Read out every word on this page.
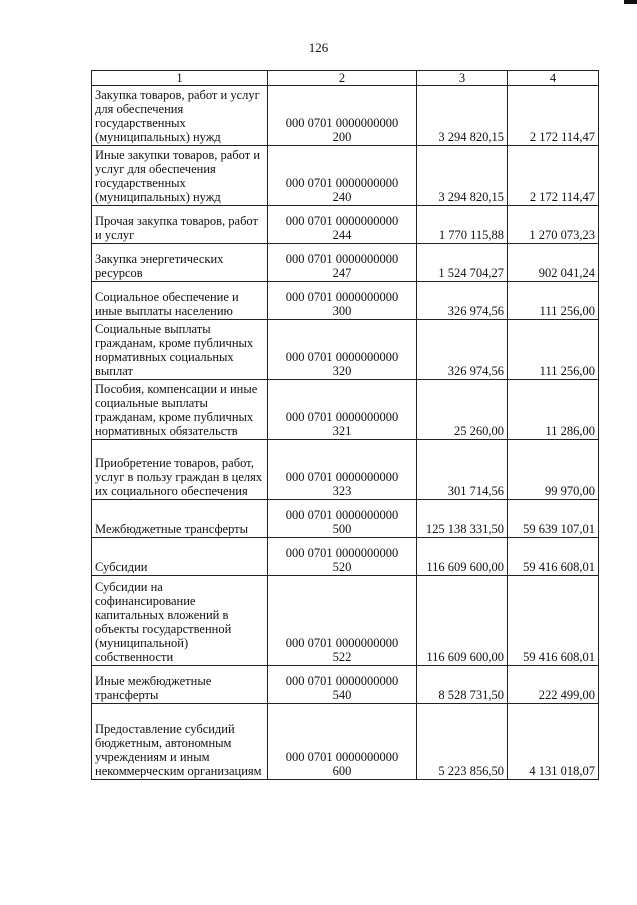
126
1	2	3	4
Закупка товаров, работ и услуг для обеспечения государственных (муниципальных) нужд	000 0701 0000000000
200	3 294 820,15	2 172 114,47
Иные закупки товаров, работ и услуг для обеспечения государственных (муниципальных) нужд	000 0701 0000000000
240	3 294 820,15	2 172 114,47
Прочая закупка товаров, работ и услуг	000 0701 0000000000
244	1 770 115,88	1 270 073,23
Закупка энергетических ресурсов	000 0701 0000000000
247	1 524 704,27	902 041,24
Социальное обеспечение и иные выплаты населению	000 0701 0000000000
300	326 974,56	111 256,00
Социальные выплаты гражданам, кроме публичных нормативных социальных выплат	000 0701 0000000000
320	326 974,56	111 256,00
Пособия, компенсации и иные социальные выплаты гражданам, кроме публичных нормативных обязательств	000 0701 0000000000
321	25 260,00	11 286,00
Приобретение товаров, работ, услуг в пользу граждан в целях их социального обеспечения	000 0701 0000000000
323	301 714,56	99 970,00
Межбюджетные трансферты	000 0701 0000000000
500	125 138 331,50	59 639 107,01
Субсидии	000 0701 0000000000
520	116 609 600,00	59 416 608,01
Субсидии на софинансирование капитальных вложений в объекты государственной (муниципальной) собственности	000 0701 0000000000
522	116 609 600,00	59 416 608,01
Иные межбюджетные трансферты	000 0701 0000000000
540	8 528 731,50	222 499,00
Предоставление субсидий бюджетным, автономным учреждениям и иным некоммерческим организациям	000 0701 0000000000
600	5 223 856,50	4 131 018,07
